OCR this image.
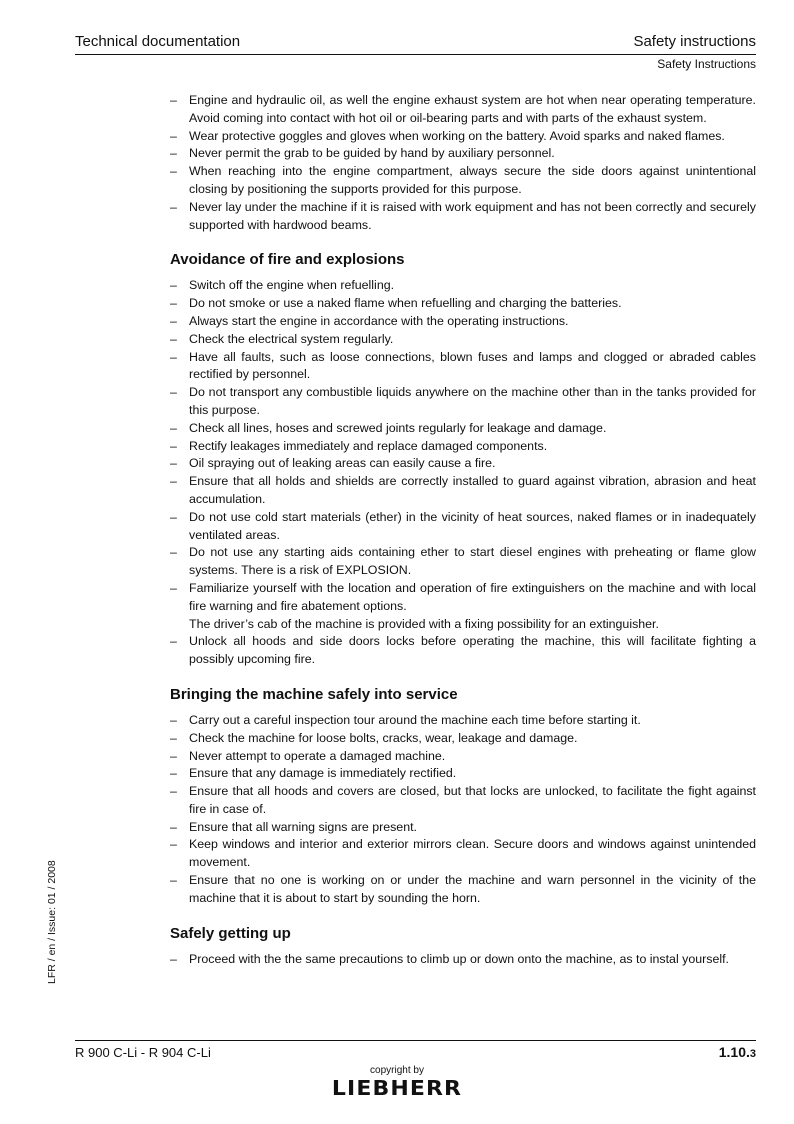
Technical documentation	Safety instructions
Safety Instructions
– Engine and hydraulic oil, as well the engine exhaust system are hot when near operating temperature. Avoid coming into contact with hot oil or oil-bearing parts and with parts of the exhaust system.
– Wear protective goggles and gloves when working on the battery. Avoid sparks and naked flames.
– Never permit the grab to be guided by hand by auxiliary personnel.
– When reaching into the engine compartment, always secure the side doors against unintentional closing by positioning the supports provided for this purpose.
– Never lay under the machine if it is raised with work equipment and has not been correctly and securely supported with hardwood beams.
Avoidance of fire and explosions
– Switch off the engine when refuelling.
– Do not smoke or use a naked flame when refuelling and charging the batteries.
– Always start the engine in accordance with the operating instructions.
– Check the electrical system regularly.
– Have all faults, such as loose connections, blown fuses and lamps and clogged or abraded cables rectified by personnel.
– Do not transport any combustible liquids anywhere on the machine other than in the tanks provided for this purpose.
– Check all lines, hoses and screwed joints regularly for leakage and damage.
– Rectify leakages immediately and replace damaged components.
– Oil spraying out of leaking areas can easily cause a fire.
– Ensure that all holds and shields are correctly installed to guard against vibration, abrasion and heat accumulation.
– Do not use cold start materials (ether) in the vicinity of heat sources, naked flames or in inadequately ventilated areas.
– Do not use any starting aids containing ether to start diesel engines with preheating or flame glow systems. There is a risk of EXPLOSION.
– Familiarize yourself with the location and operation of fire extinguishers on the machine and with local fire warning and fire abatement options.
The driver’s cab of the machine is provided with a fixing possibility for an extinguisher.
– Unlock all hoods and side doors locks before operating the machine, this will facilitate fighting a possibly upcoming fire.
Bringing the machine safely into service
– Carry out a careful inspection tour around the machine each time before starting it.
– Check the machine for loose bolts, cracks, wear, leakage and damage.
– Never attempt to operate a damaged machine.
– Ensure that any damage is immediately rectified.
– Ensure that all hoods and covers are closed, but that locks are unlocked, to facilitate the fight against fire in case of.
– Ensure that all warning signs are present.
– Keep windows and interior and exterior mirrors clean. Secure doors and windows against unintended movement.
– Ensure that no one is working on or under the machine and warn personnel in the vicinity of the machine that it is about to start by sounding the horn.
Safely getting up
– Proceed with the the same precautions to climb up or down onto the machine, as to instal yourself.
LFR / en / Issue: 01 / 2008
R 900 C-Li - R 904 C-Li	1.10.3
copyright by
LIEBHERR
